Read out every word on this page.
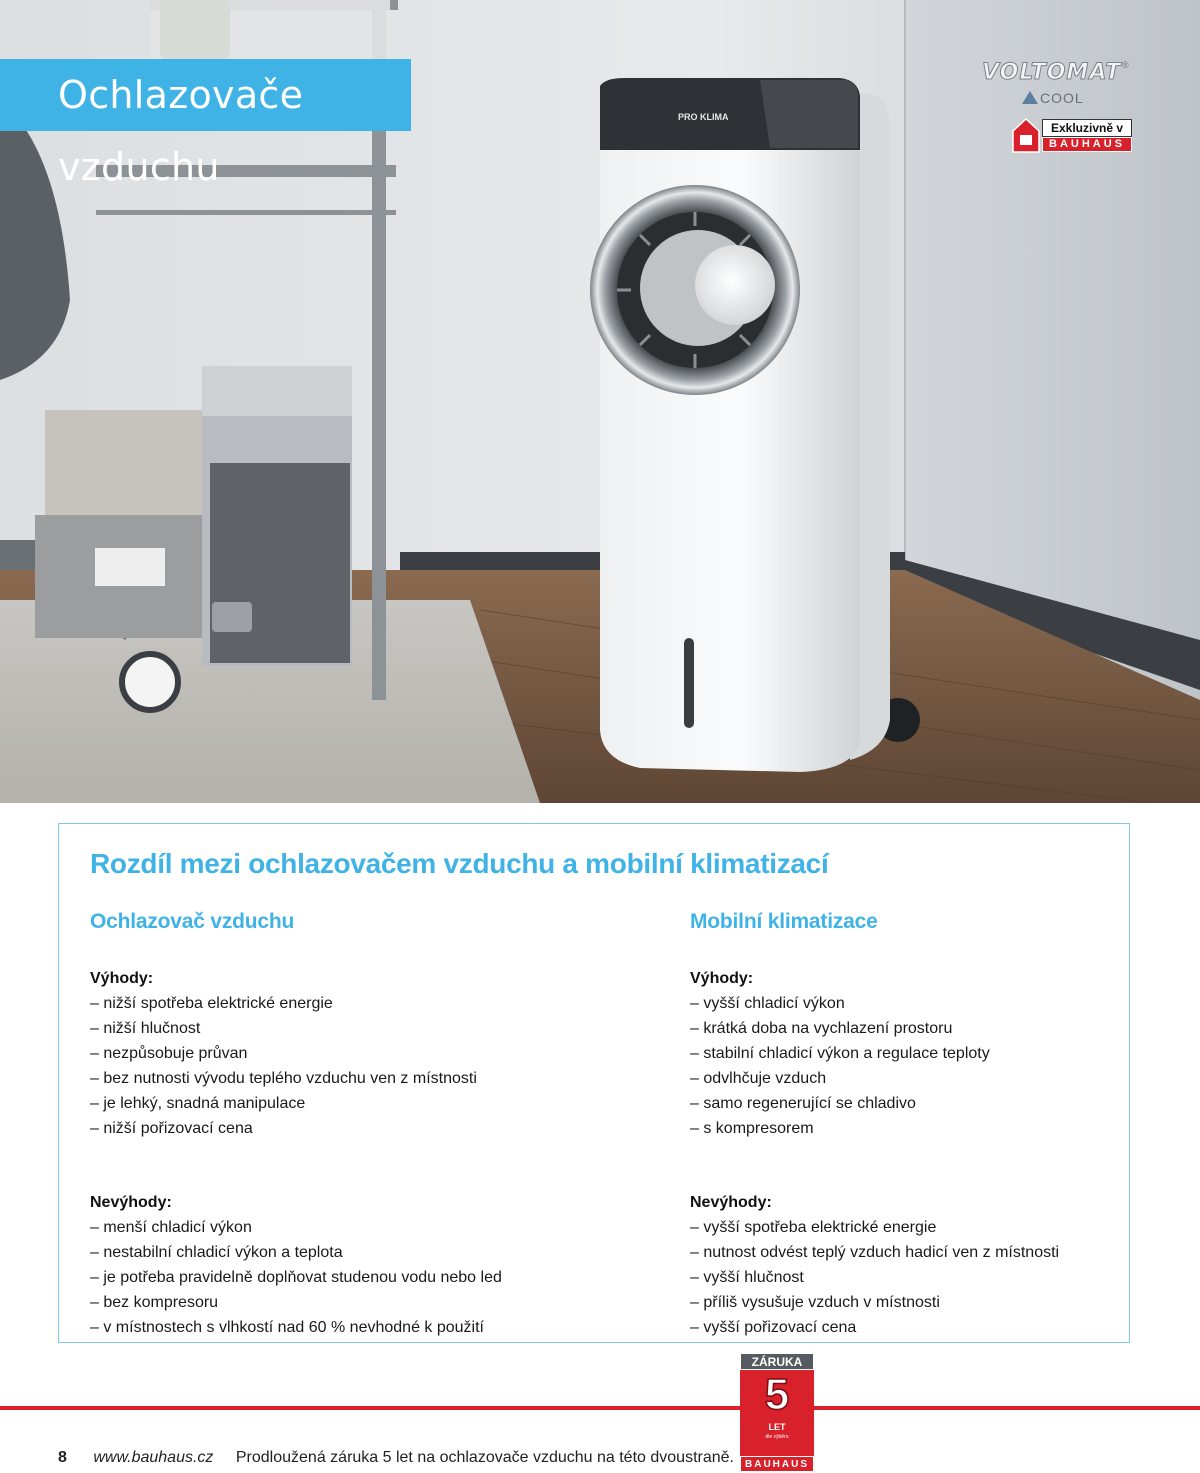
PRO KLIMA
Ochlazovače vzduchu
VOLTOMAT ®
COOL
Exkluzivně v
BAUHAUS
Rozdíl mezi ochlazovačem vzduchu a mobilní klimatizací
Ochlazovač vzduchu

Výhody:

– nižší spotřeba elektrické energie
– nižší hlučnost
– nezpůsobuje průvan
– bez nutnosti vývodu teplého vzduchu ven z místnosti
– je lehký, snadná manipulace
– nižší pořizovací cena

Nevýhody:

– menší chladicí výkon
– nestabilní chladicí výkon a teplota
– je potřeba pravidelně doplňovat studenou vodu nebo led
– bez kompresoru
– v místnostech s vlhkostí nad 60 % nevhodné k použití
Mobilní klimatizace

Výhody:

– vyšší chladicí výkon
– krátká doba na vychlazení prostoru
– stabilní chladicí výkon a regulace teploty
– odvlhčuje vzduch
– samo regenerující se chladivo
– s kompresorem

Nevýhody:

– vyšší spotřeba elektrické energie
– nutnost odvést teplý vzduch hadicí ven z místnosti
– vyšší hlučnost
– příliš vysušuje vzduch v místnosti
– vyšší pořizovací cena
ZÁRUKA
5
LET
dle výběru
BAUHAUS
8 www.bauhaus.cz Prodloužená záruka 5 let na ochlazovače vzduchu na této dvoustraně.
